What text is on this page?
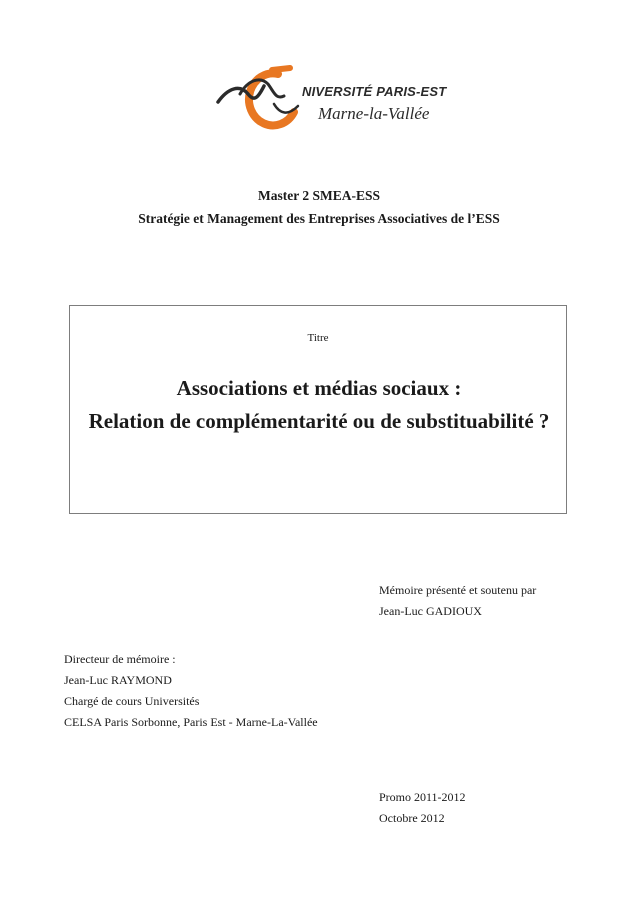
NIVERSITÉ PARIS-EST
Marne-la-Vallée
Master 2 SMEA-ESS
Stratégie et Management des Entreprises Associatives de l’ESS
Titre
Associations et médias sociaux :
Relation de complémentarité ou de substituabilité ?
Mémoire présenté et soutenu par
Jean-Luc GADIOUX
Directeur de mémoire :
Jean-Luc RAYMOND
Chargé de cours Universités
CELSA Paris Sorbonne, Paris Est - Marne-La-Vallée
Promo 2011-2012
Octobre 2012
